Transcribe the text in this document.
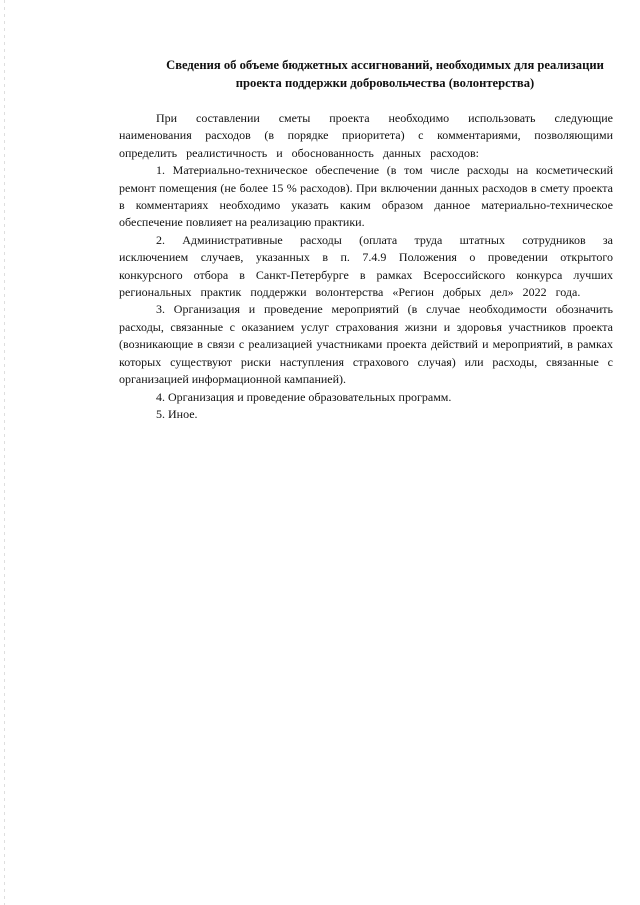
Сведения об объеме бюджетных ассигнований, необходимых для реализации проекта поддержки добровольчества (волонтерства)

При составлении сметы проекта необходимо использовать следующие наименования расходов (в порядке приоритета) с комментариями, позволяющими определить реалистичность и обоснованность данных расходов:

1. Материально-техническое обеспечение (в том числе расходы на косметический ремонт помещения (не более 15 % расходов). При включении данных расходов в смету проекта в комментариях необходимо указать каким образом данное материально-техническое обеспечение повлияет на реализацию практики.

2. Административные расходы (оплата труда штатных сотрудников за исключением случаев, указанных в п. 7.4.9 Положения о проведении открытого конкурсного отбора в Санкт-Петербурге в рамках Всероссийского конкурса лучших региональных практик поддержки волонтерства «Регион добрых дел» 2022 года.

3. Организация и проведение мероприятий (в случае необходимости обозначить расходы, связанные с оказанием услуг страхования жизни и здоровья участников проекта (возникающие в связи с реализацией участниками проекта действий и мероприятий, в рамках которых существуют риски наступления страхового случая) или расходы, связанные с организацией информационной кампанией).

4. Организация и проведение образовательных программ.

5. Иное.
